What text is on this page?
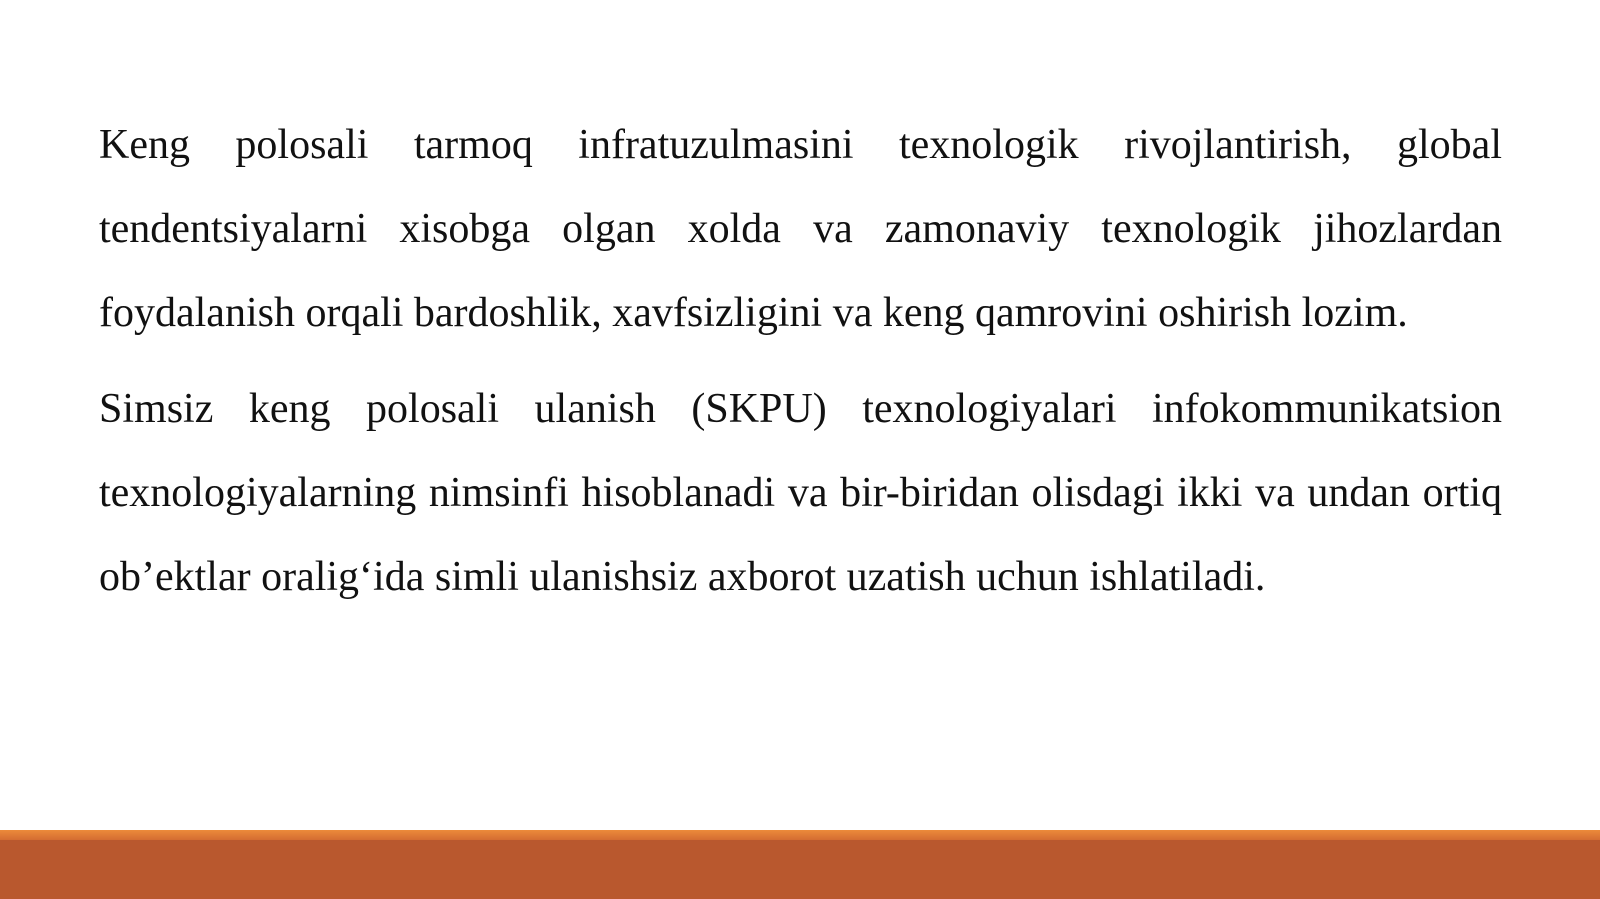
Keng polosali tarmoq infratuzulmasini texnologik rivojlantirish, global tendentsiyalarni xisobga olgan xolda va zamonaviy texnologik jihozlardan foydalanish orqali bardoshlik, xavfsizligini va keng qamrovini oshirish lozim.

Simsiz keng polosali ulanish (SKPU) texnologiyalari infokommunikatsion texnologiyalarning nimsinfi hisoblanadi va bir-biridan olisdagi ikki va undan ortiq ob’ektlar oralig‘ida simli ulanishsiz axborot uzatish uchun ishlatiladi.
